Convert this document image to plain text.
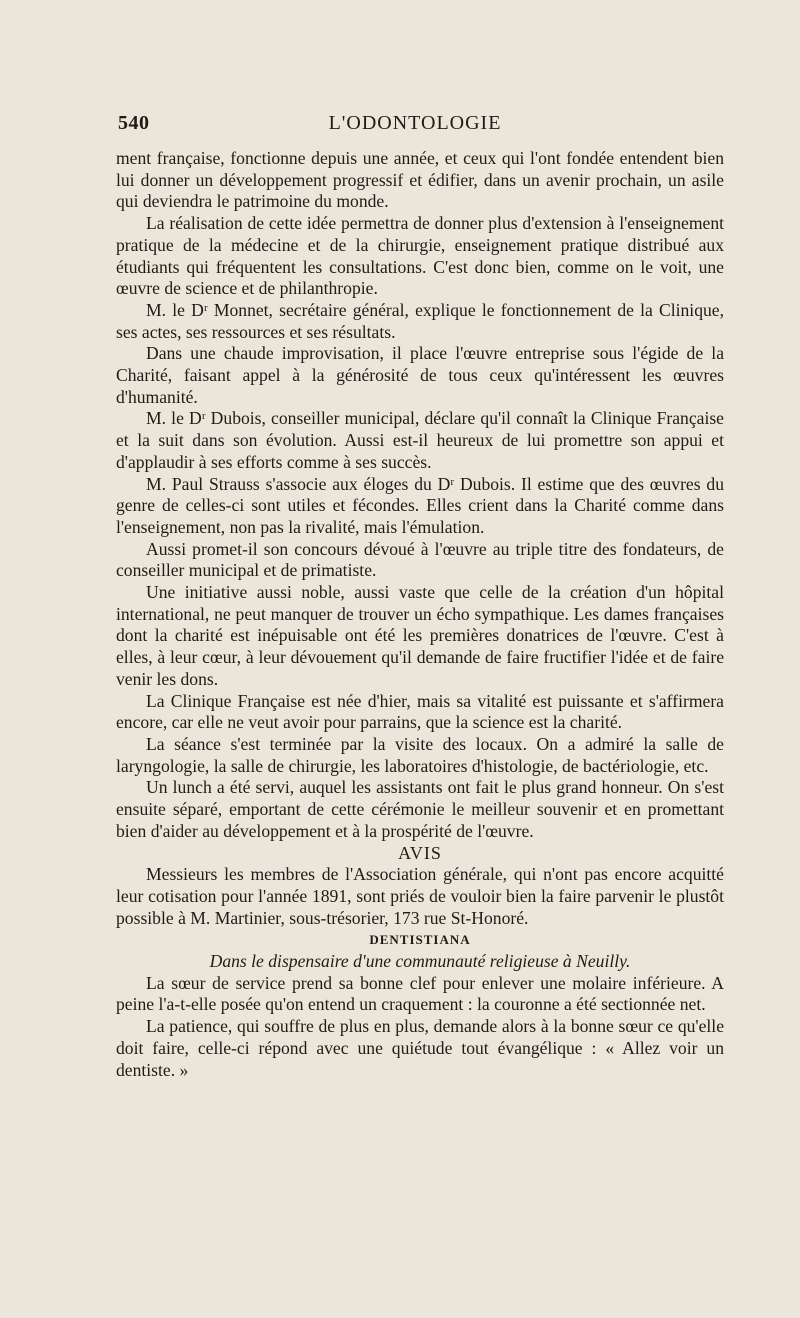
540	L'ODONTOLOGIE

ment française, fonctionne depuis une année, et ceux qui l'ont fondée entendent bien lui donner un développement progressif et édifier, dans un avenir prochain, un asile qui deviendra le patrimoine du monde.

La réalisation de cette idée permettra de donner plus d'extension à l'enseignement pratique de la médecine et de la chirurgie, enseignement pratique distribué aux étudiants qui fréquentent les consultations. C'est donc bien, comme on le voit, une œuvre de science et de philanthropie.

M. le Dʳ Monnet, secrétaire général, explique le fonctionnement de la Clinique, ses actes, ses ressources et ses résultats.

Dans une chaude improvisation, il place l'œuvre entreprise sous l'égide de la Charité, faisant appel à la générosité de tous ceux qu'intéressent les œuvres d'humanité.

M. le Dʳ Dubois, conseiller municipal, déclare qu'il connaît la Clinique Française et la suit dans son évolution. Aussi est-il heureux de lui promettre son appui et d'applaudir à ses efforts comme à ses succès.

M. Paul Strauss s'associe aux éloges du Dʳ Dubois. Il estime que des œuvres du genre de celles-ci sont utiles et fécondes. Elles crient dans la Charité comme dans l'enseignement, non pas la rivalité, mais l'émulation.

Aussi promet-il son concours dévoué à l'œuvre au triple titre des fondateurs, de conseiller municipal et de primatiste.

Une initiative aussi noble, aussi vaste que celle de la création d'un hôpital international, ne peut manquer de trouver un écho sympathique. Les dames françaises dont la charité est inépuisable ont été les premières donatrices de l'œuvre. C'est à elles, à leur cœur, à leur dévouement qu'il demande de faire fructifier l'idée et de faire venir les dons.

La Clinique Française est née d'hier, mais sa vitalité est puissante et s'affirmera encore, car elle ne veut avoir pour parrains, que la science est la charité.

La séance s'est terminée par la visite des locaux. On a admiré la salle de laryngologie, la salle de chirurgie, les laboratoires d'histologie, de bactériologie, etc.

Un lunch a été servi, auquel les assistants ont fait le plus grand honneur. On s'est ensuite séparé, emportant de cette cérémonie le meilleur souvenir et en promettant bien d'aider au développement et à la prospérité de l'œuvre.

AVIS

Messieurs les membres de l'Association générale, qui n'ont pas encore acquitté leur cotisation pour l'année 1891, sont priés de vouloir bien la faire parvenir le plustôt possible à M. Martinier, sous-trésorier, 173 rue St-Honoré.

DENTISTIANA
Dans le dispensaire d'une communauté religieuse à Neuilly.

La sœur de service prend sa bonne clef pour enlever une molaire inférieure. A peine l'a-t-elle posée qu'on entend un craquement : la couronne a été sectionnée net.

La patience, qui souffre de plus en plus, demande alors à la bonne sœur ce qu'elle doit faire, celle-ci répond avec une quiétude tout évangélique : « Allez voir un dentiste. »
